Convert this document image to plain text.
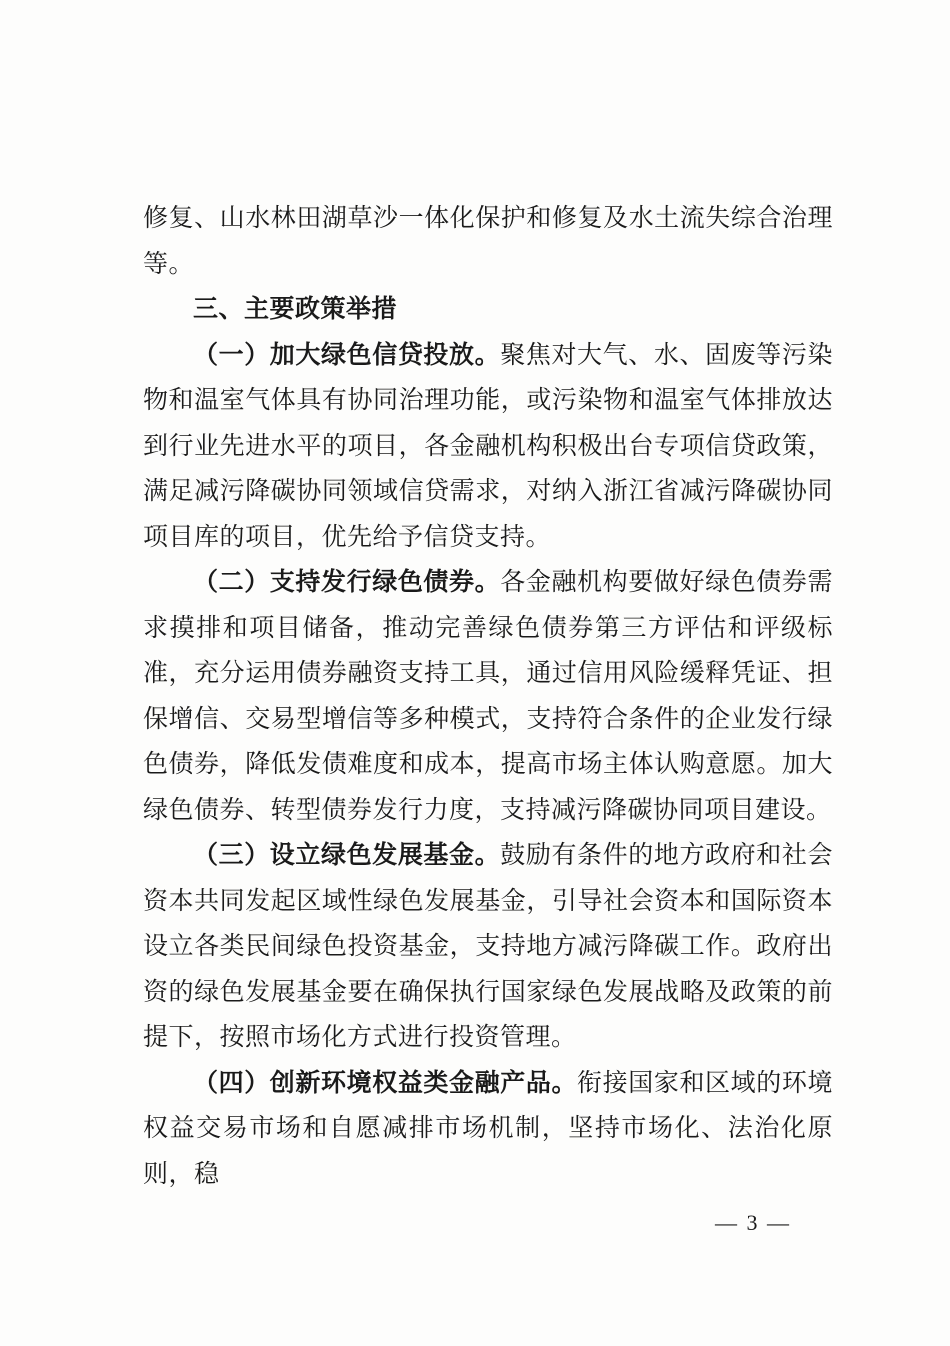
修复、山水林田湖草沙一体化保护和修复及水土流失综合治理等。

三、主要政策举措

（一）加大绿色信贷投放。聚焦对大气、水、固废等污染物和温室气体具有协同治理功能，或污染物和温室气体排放达到行业先进水平的项目，各金融机构积极出台专项信贷政策，满足减污降碳协同领域信贷需求，对纳入浙江省减污降碳协同项目库的项目，优先给予信贷支持。

（二）支持发行绿色债券。各金融机构要做好绿色债券需求摸排和项目储备，推动完善绿色债券第三方评估和评级标准，充分运用债券融资支持工具，通过信用风险缓释凭证、担保增信、交易型增信等多种模式，支持符合条件的企业发行绿色债券，降低发债难度和成本，提高市场主体认购意愿。加大绿色债券、转型债券发行力度，支持减污降碳协同项目建设。

（三）设立绿色发展基金。鼓励有条件的地方政府和社会资本共同发起区域性绿色发展基金，引导社会资本和国际资本设立各类民间绿色投资基金，支持地方减污降碳工作。政府出资的绿色发展基金要在确保执行国家绿色发展战略及政策的前提下，按照市场化方式进行投资管理。

（四）创新环境权益类金融产品。衔接国家和区域的环境权益交易市场和自愿减排市场机制，坚持市场化、法治化原则，稳

— 3 —
